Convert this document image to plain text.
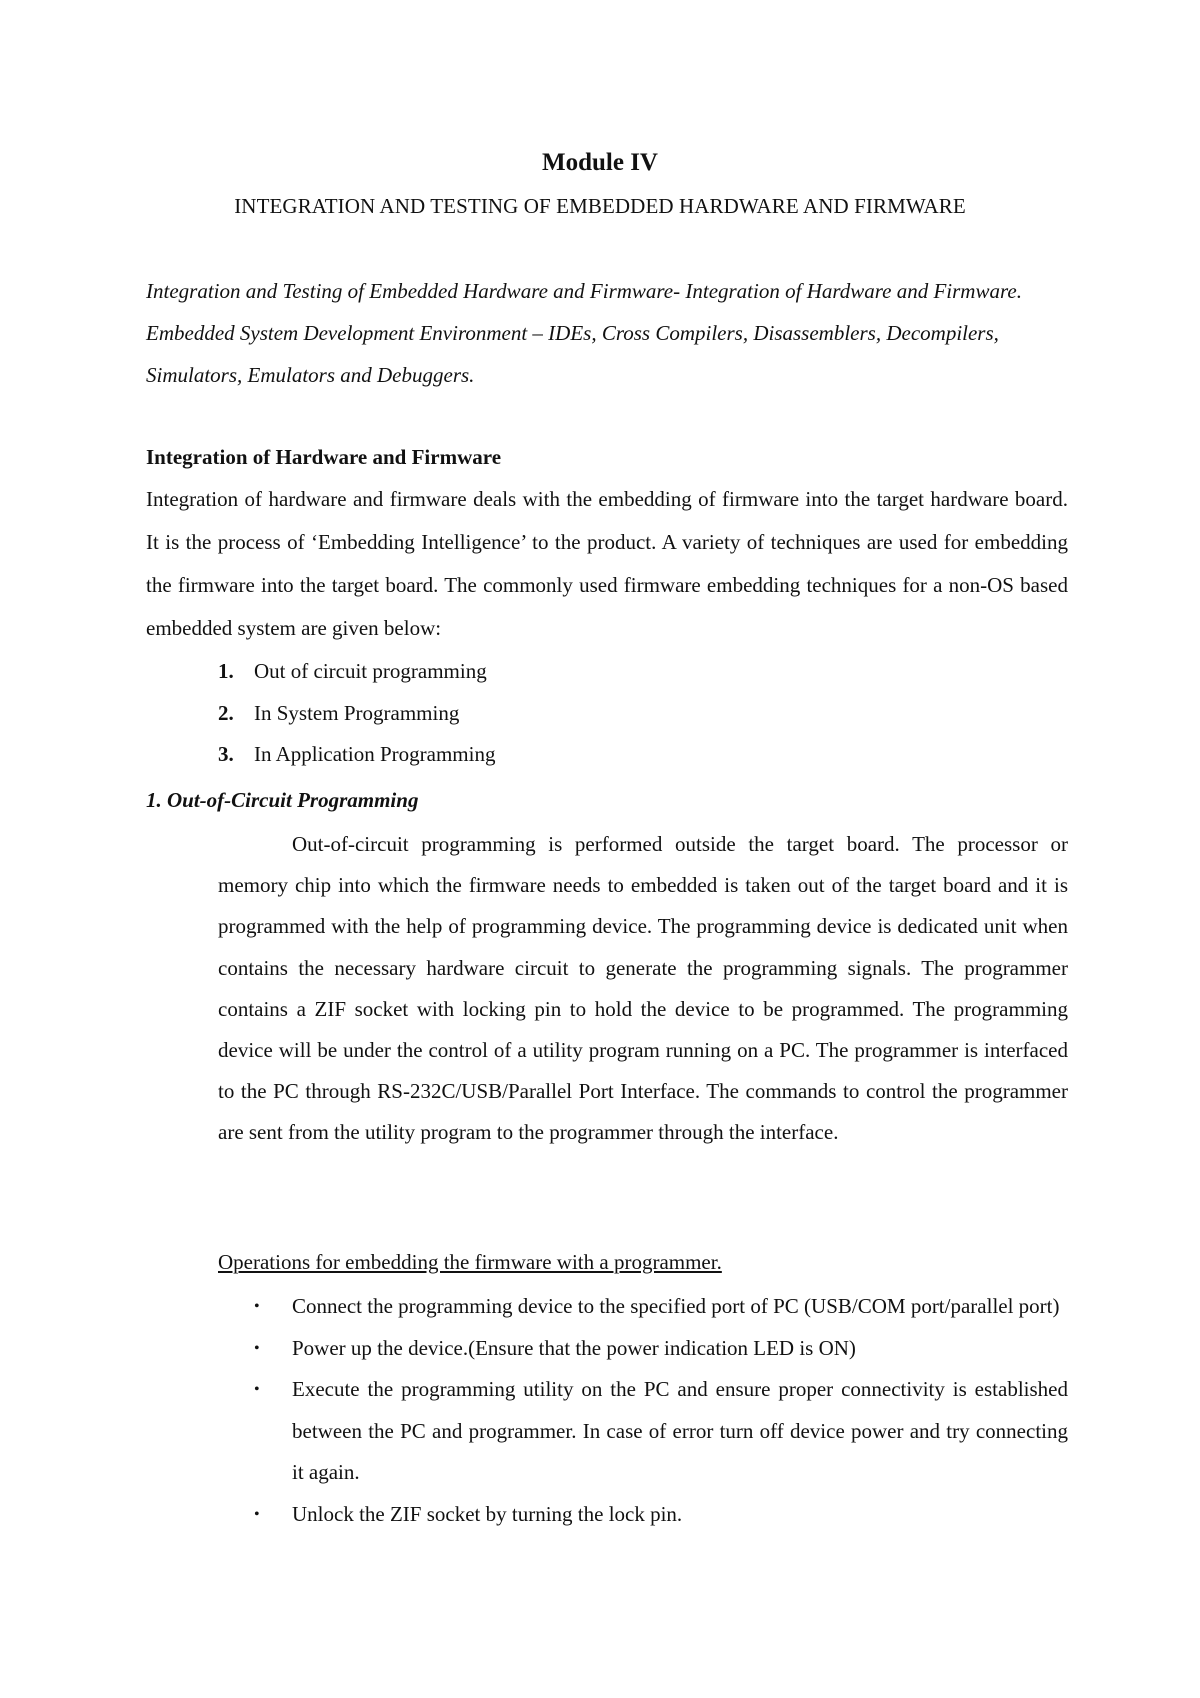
Module IV
INTEGRATION AND TESTING OF EMBEDDED HARDWARE AND FIRMWARE

Integration and Testing of Embedded Hardware and Firmware- Integration of Hardware and Firmware. Embedded System Development Environment – IDEs, Cross Compilers, Disassemblers, Decompilers, Simulators, Emulators and Debuggers.

Integration of Hardware and Firmware

Integration of hardware and firmware deals with the embedding of firmware into the target hardware board. It is the process of ‘Embedding Intelligence’ to the product. A variety of techniques are used for embedding the firmware into the target board. The commonly used firmware embedding techniques for a non-OS based embedded system are given below:

1. Out of circuit programming
2. In System Programming
3. In Application Programming
1. Out-of-Circuit Programming

Out-of-circuit programming is performed outside the target board. The processor or memory chip into which the firmware needs to embedded is taken out of the target board and it is programmed with the help of programming device. The programming device is dedicated unit when contains the necessary hardware circuit to generate the programming signals. The programmer contains a ZIF socket with locking pin to hold the device to be programmed. The programming device will be under the control of a utility program running on a PC. The programmer is interfaced to the PC through RS-232C/USB/Parallel Port Interface. The commands to control the programmer are sent from the utility program to the programmer through the interface.

Operations for embedding the firmware with a programmer.
• Connect the programming device to the specified port of PC (USB/COM port/parallel port)
• Power up the device.(Ensure that the power indication LED is ON)
• Execute the programming utility on the PC and ensure proper connectivity is established between the PC and programmer. In case of error turn off device power and try connecting it again.
• Unlock the ZIF socket by turning the lock pin.
